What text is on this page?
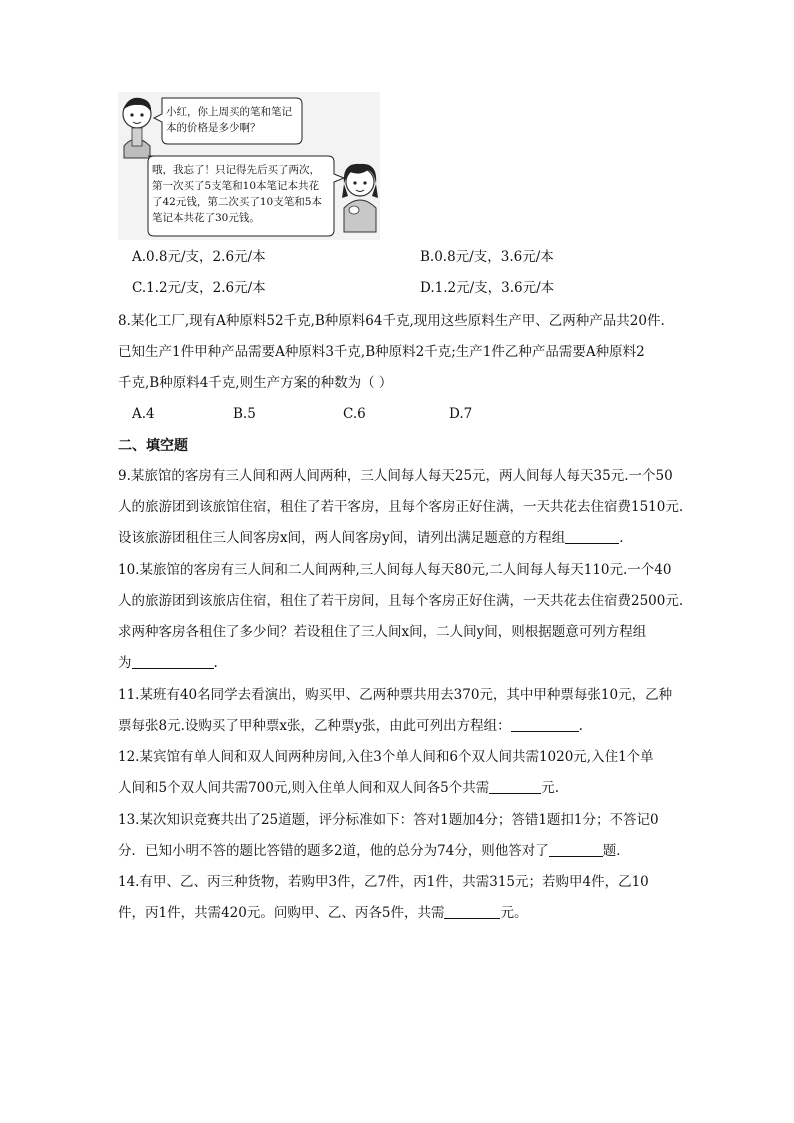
小红，你上周买的笔和笔记本的价格是多少啊？
哦，我忘了！只记得先后买了两次，第一次买了5支笔和10本笔记本共花了42元钱，第二次买了10支笔和5本笔记本共花了30元钱。
A.0.8元/支，2.6元/本	B.0.8元/支，3.6元/本
C.1.2元/支，2.6元/本	D.1.2元/支，3.6元/本
8.某化工厂,现有A种原料52千克,B种原料64千克,现用这些原料生产甲、乙两种产品共20件.
已知生产1件甲种产品需要A种原料3千克,B种原料2千克;生产1件乙种产品需要A种原料2
千克,B种原料4千克,则生产方案的种数为（ ）
A.4	B.5	C.6	D.7
二、填空题
9.某旅馆的客房有三人间和两人间两种，三人间每人每天25元，两人间每人每天35元.一个50
人的旅游团到该旅馆住宿，租住了若干客房，且每个客房正好住满，一天共花去住宿费1510元.
设该旅游团租住三人间客房x间，两人间客房y间，请列出满足题意的方程组	.
10.某旅馆的客房有三人间和二人间两种,三人间每人每天80元,二人间每人每天110元.一个40
人的旅游团到该旅店住宿，租住了若干房间，且每个客房正好住满，一天共花去住宿费2500元.
求两种客房各租住了多少间？若设租住了三人间x间，二人间y间，则根据题意可列方程组
为	.
11.某班有40名同学去看演出，购买甲、乙两种票共用去370元，其中甲种票每张10元，乙种
票每张8元.设购买了甲种票x张，乙种票y张，由此可列出方程组：	.
12.某宾馆有单人间和双人间两种房间,入住3个单人间和6个双人间共需1020元,入住1个单
人间和5个双人间共需700元,则入住单人间和双人间各5个共需	元.
13.某次知识竞赛共出了25道题，评分标准如下：答对1题加4分；答错1题扣1分；不答记0
分．已知小明不答的题比答错的题多2道，他的总分为74分，则他答对了	题．
14.有甲、乙、丙三种货物，若购甲3件，乙7件，丙1件，共需315元；若购甲4件，乙10
件，丙1件，共需420元。问购甲、乙、丙各5件，共需	元。
